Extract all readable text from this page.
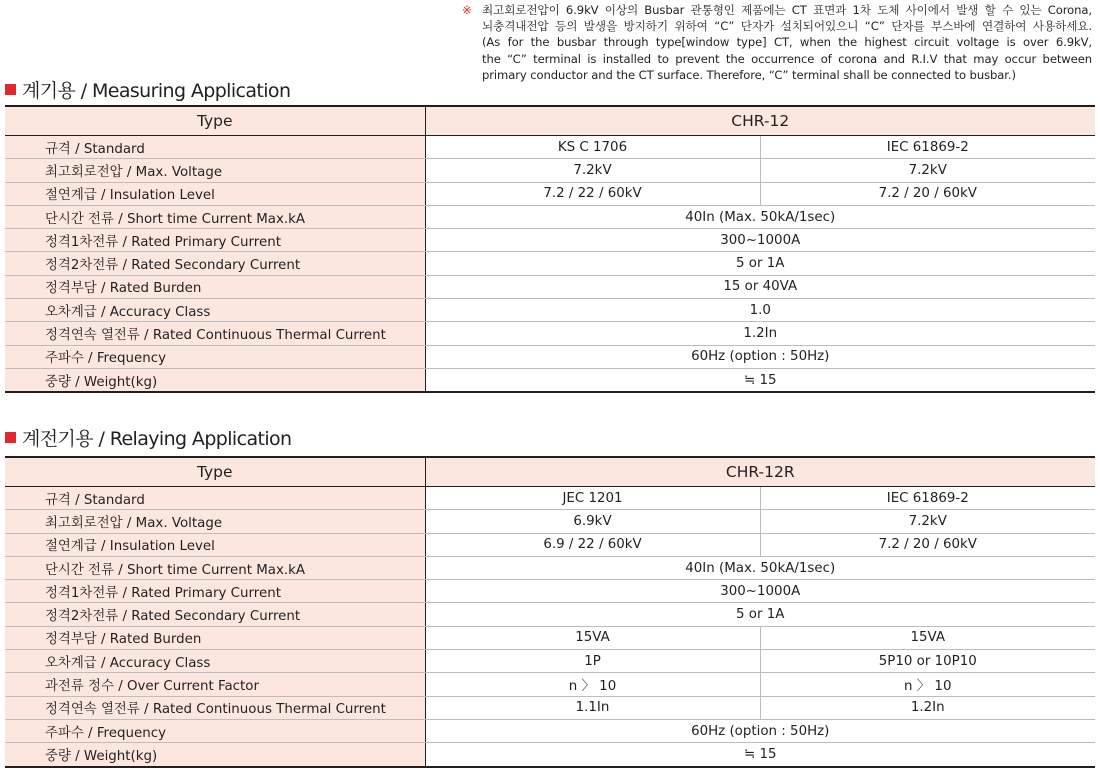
※ 최고회로전압이 6.9kV 이상의 Busbar 관통형인 제품에는 CT 표면과 1차 도체 사이에서 발생 할 수 있는 Corona,
뇌충격내전압 등의 발생을 방지하기 위하여 “C” 단자가 설치되어있으니 “C” 단자를 부스바에 연결하여 사용하세요.
(As for the busbar through type[window type] CT, when the highest circuit voltage is over 6.9kV,
the “C” terminal is installed to prevent the occurrence of corona and R.I.V that may occur between
primary conductor and the CT surface. Therefore, “C” terminal shall be connected to busbar.)
계기용 / Measuring Application
Type	CHR-12	
규격 / Standard	KS C 1706	IEC 61869-2
최고회로전압 / Max. Voltage	7.2kV	7.2kV
절연계급 / Insulation Level	7.2 / 22 / 60kV	7.2 / 20 / 60kV
단시간 전류 / Short time Current Max.kA	40In (Max. 50kA/1sec)	
정격1차전류 / Rated Primary Current	300~1000A	
정격2차전류 / Rated Secondary Current	5 or 1A	
정격부담 / Rated Burden	15 or 40VA	
오차계급 / Accuracy Class	1.0	
정격연속 열전류 / Rated Continuous Thermal Current	1.2In	
주파수 / Frequency	60Hz (option : 50Hz)	
중량 / Weight(kg)	≒ 15	
계전기용 / Relaying Application
Type	CHR-12R	
규격 / Standard	JEC 1201	IEC 61869-2
최고회로전압 / Max. Voltage	6.9kV	7.2kV
절연계급 / Insulation Level	6.9 / 22 / 60kV	7.2 / 20 / 60kV
단시간 전류 / Short time Current Max.kA	40In (Max. 50kA/1sec)	
정격1차전류 / Rated Primary Current	300~1000A	
정격2차전류 / Rated Secondary Current	5 or 1A	
정격부담 / Rated Burden	15VA	15VA
오차계급 / Accuracy Class	1P	5P10 or 10P10
과전류 정수 / Over Current Factor	n 〉 10	n 〉 10
정격연속 열전류 / Rated Continuous Thermal Current	1.1In	1.2In
주파수 / Frequency	60Hz (option : 50Hz)	
중량 / Weight(kg)	≒ 15	
